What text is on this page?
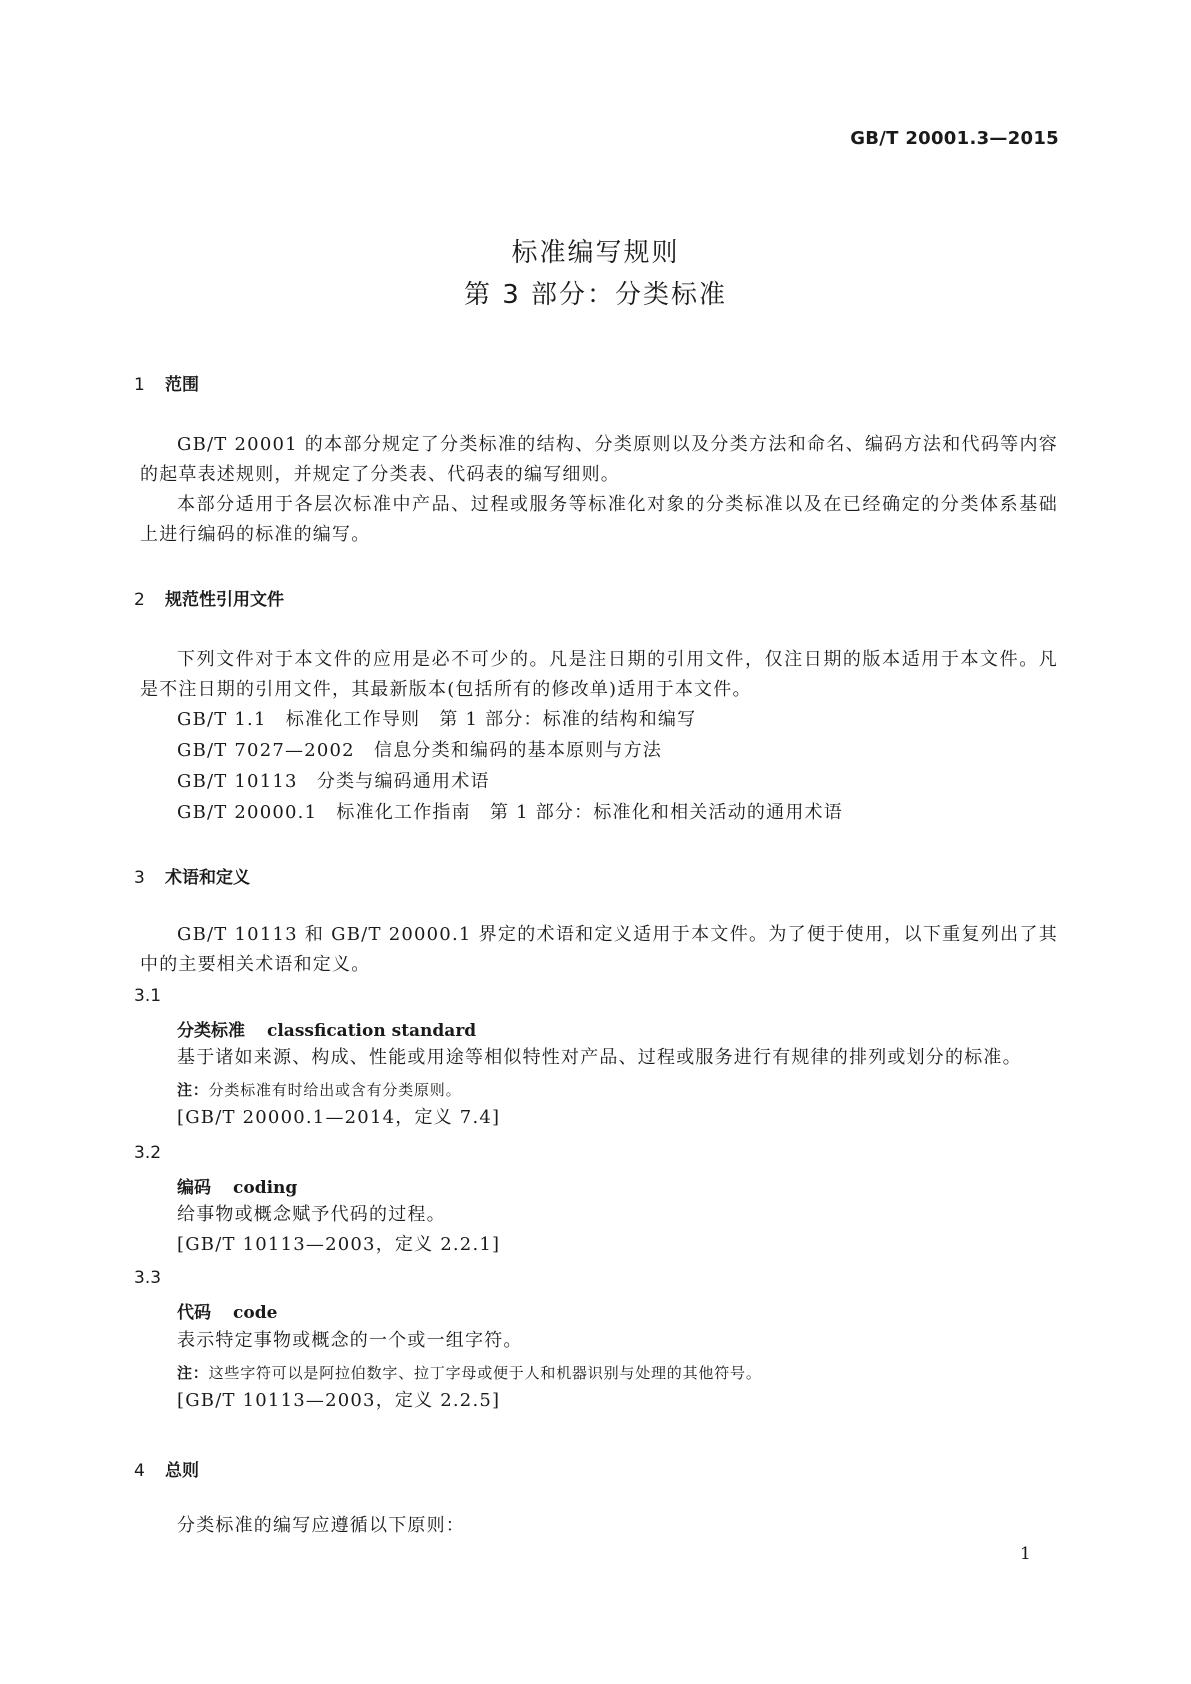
GB/T 20001.3—2015
标准编写规则
第 3 部分：分类标准
1 范围
GB/T 20001 的本部分规定了分类标准的结构、分类原则以及分类方法和命名、编码方法和代码等内容的起草表述规则，并规定了分类表、代码表的编写细则。
本部分适用于各层次标准中产品、过程或服务等标准化对象的分类标准以及在已经确定的分类体系基础上进行编码的标准的编写。
2 规范性引用文件
下列文件对于本文件的应用是必不可少的。凡是注日期的引用文件，仅注日期的版本适用于本文件。凡是不注日期的引用文件，其最新版本(包括所有的修改单)适用于本文件。
GB/T 1.1　标准化工作导则　第 1 部分：标准的结构和编写
GB/T 7027—2002　信息分类和编码的基本原则与方法
GB/T 10113　分类与编码通用术语
GB/T 20000.1　标准化工作指南　第 1 部分：标准化和相关活动的通用术语
3 术语和定义
GB/T 10113 和 GB/T 20000.1 界定的术语和定义适用于本文件。为了便于使用，以下重复列出了其中的主要相关术语和定义。
3.1
分类标准 classfication standard
基于诸如来源、构成、性能或用途等相似特性对产品、过程或服务进行有规律的排列或划分的标准。
注：分类标准有时给出或含有分类原则。
[GB/T 20000.1—2014，定义 7.4]
3.2
编码 coding
给事物或概念赋予代码的过程。
[GB/T 10113—2003，定义 2.2.1]
3.3
代码 code
表示特定事物或概念的一个或一组字符。
注：这些字符可以是阿拉伯数字、拉丁字母或便于人和机器识别与处理的其他符号。
[GB/T 10113—2003，定义 2.2.5]
4 总则
分类标准的编写应遵循以下原则：
1
